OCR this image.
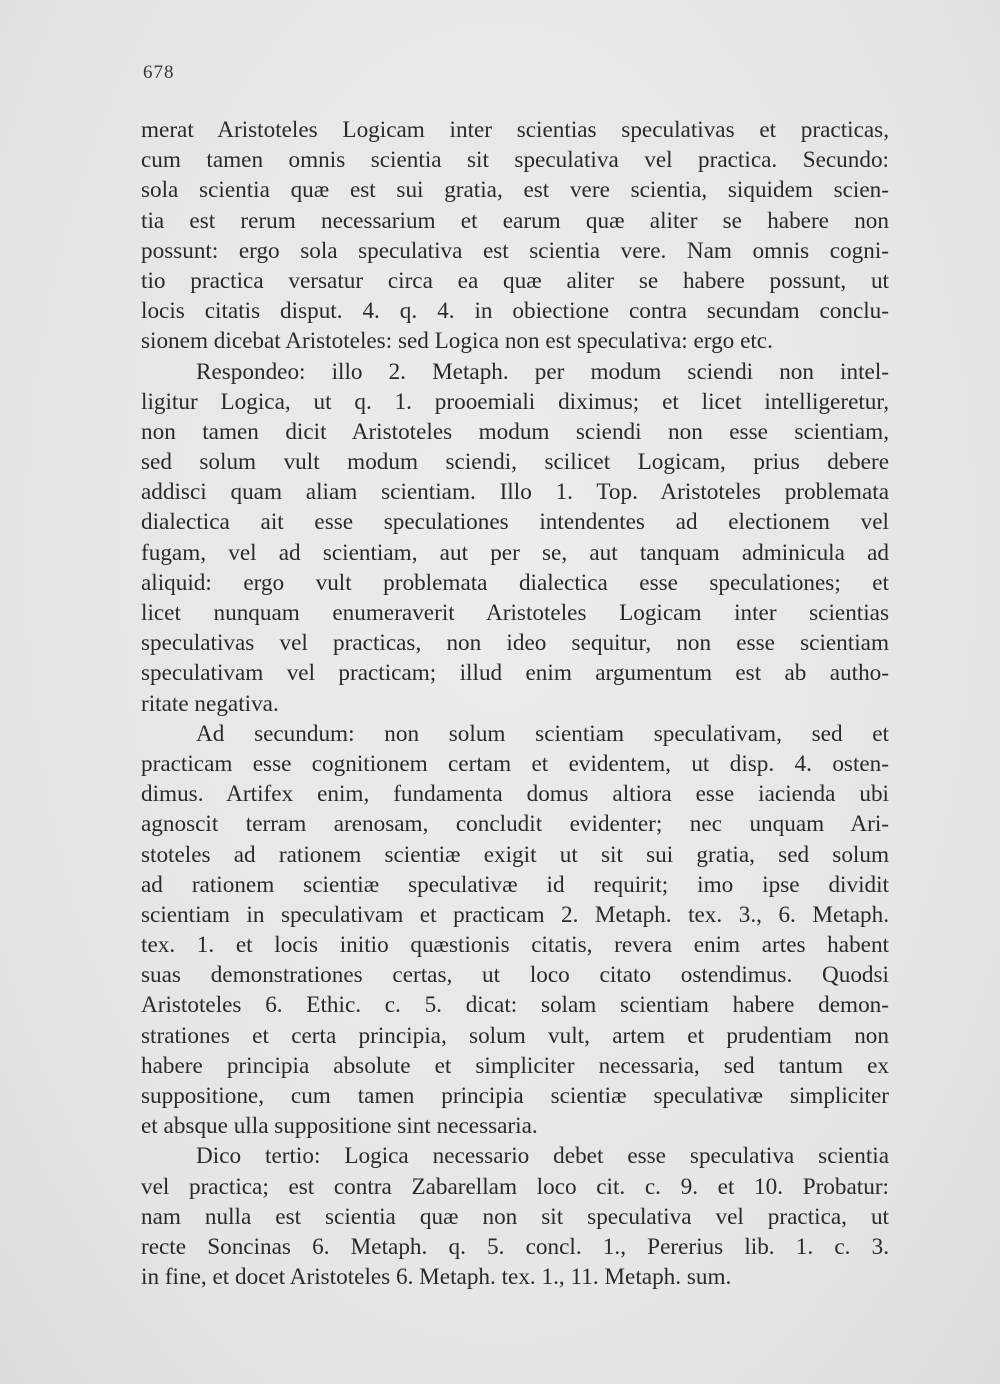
678
merat Aristoteles Logicam inter scientias speculativas et practicas,
cum tamen omnis scientia sit speculativa vel practica. Secundo:
sola scientia quæ est sui gratia, est vere scientia, siquidem scien-
tia est rerum necessarium et earum quæ aliter se habere non
possunt: ergo sola speculativa est scientia vere. Nam omnis cogni-
tio practica versatur circa ea quæ aliter se habere possunt, ut
locis citatis disput. 4. q. 4. in obiectione contra secundam conclu-
sionem dicebat Aristoteles: sed Logica non est speculativa: ergo etc.
Respondeo: illo 2. Metaph. per modum sciendi non intel-
ligitur Logica, ut q. 1. prooemiali diximus; et licet intelligeretur,
non tamen dicit Aristoteles modum sciendi non esse scientiam,
sed solum vult modum sciendi, scilicet Logicam, prius debere
addisci quam aliam scientiam. Illo 1. Top. Aristoteles problemata
dialectica ait esse speculationes intendentes ad electionem vel
fugam, vel ad scientiam, aut per se, aut tanquam adminicula ad
aliquid: ergo vult problemata dialectica esse speculationes; et
licet nunquam enumeraverit Aristoteles Logicam inter scientias
speculativas vel practicas, non ideo sequitur, non esse scientiam
speculativam vel practicam; illud enim argumentum est ab autho-
ritate negativa.
Ad secundum: non solum scientiam speculativam, sed et
practicam esse cognitionem certam et evidentem, ut disp. 4. osten-
dimus. Artifex enim, fundamenta domus altiora esse iacienda ubi
agnoscit terram arenosam, concludit evidenter; nec unquam Ari-
stoteles ad rationem scientiæ exigit ut sit sui gratia, sed solum
ad rationem scientiæ speculativæ id requirit; imo ipse dividit
scientiam in speculativam et practicam 2. Metaph. tex. 3., 6. Metaph.
tex. 1. et locis initio quæstionis citatis, revera enim artes habent
suas demonstrationes certas, ut loco citato ostendimus. Quodsi
Aristoteles 6. Ethic. c. 5. dicat: solam scientiam habere demon-
strationes et certa principia, solum vult, artem et prudentiam non
habere principia absolute et simpliciter necessaria, sed tantum ex
suppositione, cum tamen principia scientiæ speculativæ simpliciter
et absque ulla suppositione sint necessaria.
Dico tertio: Logica necessario debet esse speculativa scientia
vel practica; est contra Zabarellam loco cit. c. 9. et 10. Probatur:
nam nulla est scientia quæ non sit speculativa vel practica, ut
recte Soncinas 6. Metaph. q. 5. concl. 1., Pererius lib. 1. c. 3.
in fine, et docet Aristoteles 6. Metaph. tex. 1., 11. Metaph. sum.
